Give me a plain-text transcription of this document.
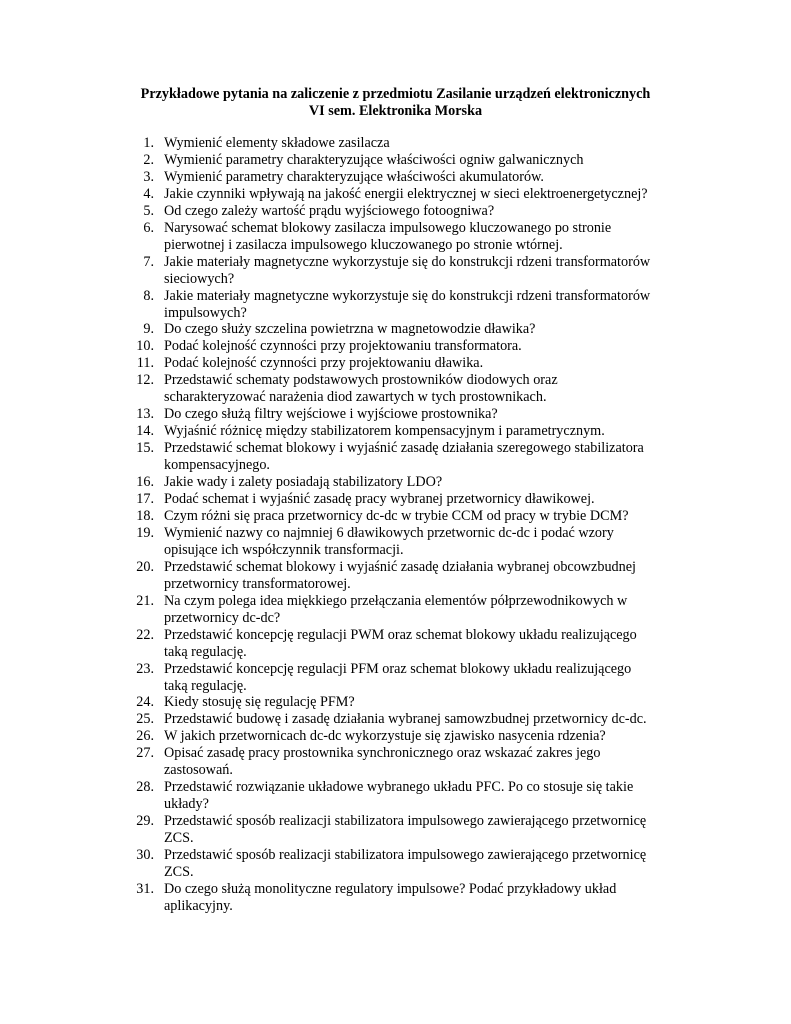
Przykładowe pytania na zaliczenie z przedmiotu Zasilanie urządzeń elektronicznych
VI sem. Elektronika Morska
1. Wymienić elementy składowe zasilacza
2. Wymienić parametry charakteryzujące właściwości ogniw galwanicznych
3. Wymienić parametry charakteryzujące właściwości akumulatorów.
4. Jakie czynniki wpływają na jakość energii elektrycznej w sieci elektroenergetycznej?
5. Od czego zależy wartość prądu wyjściowego fotoogniwa?
6. Narysować schemat blokowy zasilacza impulsowego kluczowanego po stronie
pierwotnej i zasilacza impulsowego kluczowanego po stronie wtórnej.
7. Jakie materiały magnetyczne wykorzystuje się do konstrukcji rdzeni transformatorów
sieciowych?
8. Jakie materiały magnetyczne wykorzystuje się do konstrukcji rdzeni transformatorów
impulsowych?
9. Do czego służy szczelina powietrzna w magnetowodzie dławika?
10. Podać kolejność czynności przy projektowaniu transformatora.
11. Podać kolejność czynności przy projektowaniu dławika.
12. Przedstawić schematy podstawowych prostowników diodowych oraz
scharakteryzować narażenia diod zawartych w tych prostownikach.
13. Do czego służą filtry wejściowe i wyjściowe prostownika?
14. Wyjaśnić różnicę między stabilizatorem kompensacyjnym i parametrycznym.
15. Przedstawić schemat blokowy i wyjaśnić zasadę działania szeregowego stabilizatora
kompensacyjnego.
16. Jakie wady i zalety posiadają stabilizatory LDO?
17. Podać schemat i wyjaśnić zasadę pracy wybranej przetwornicy dławikowej.
18. Czym różni się praca przetwornicy dc-dc w trybie CCM od pracy w trybie DCM?
19. Wymienić nazwy co najmniej 6 dławikowych przetwornic dc-dc i podać wzory
opisujące ich współczynnik transformacji.
20. Przedstawić schemat blokowy i wyjaśnić zasadę działania wybranej obcowzbudnej
przetwornicy transformatorowej.
21. Na czym polega idea miękkiego przełączania elementów półprzewodnikowych w
przetwornicy dc-dc?
22. Przedstawić koncepcję regulacji PWM oraz schemat blokowy układu realizującego
taką regulację.
23. Przedstawić koncepcję regulacji PFM oraz schemat blokowy układu realizującego
taką regulację.
24. Kiedy stosuję się regulację PFM?
25. Przedstawić budowę i zasadę działania wybranej samowzbudnej przetwornicy dc-dc.
26. W jakich przetwornicach dc-dc wykorzystuje się zjawisko nasycenia rdzenia?
27. Opisać zasadę pracy prostownika synchronicznego oraz wskazać zakres jego
zastosowań.
28. Przedstawić rozwiązanie układowe wybranego układu PFC. Po co stosuje się takie
układy?
29. Przedstawić sposób realizacji stabilizatora impulsowego zawierającego przetwornicę
ZCS.
30. Przedstawić sposób realizacji stabilizatora impulsowego zawierającego przetwornicę
ZCS.
31. Do czego służą monolityczne regulatory impulsowe? Podać przykładowy układ
aplikacyjny.
